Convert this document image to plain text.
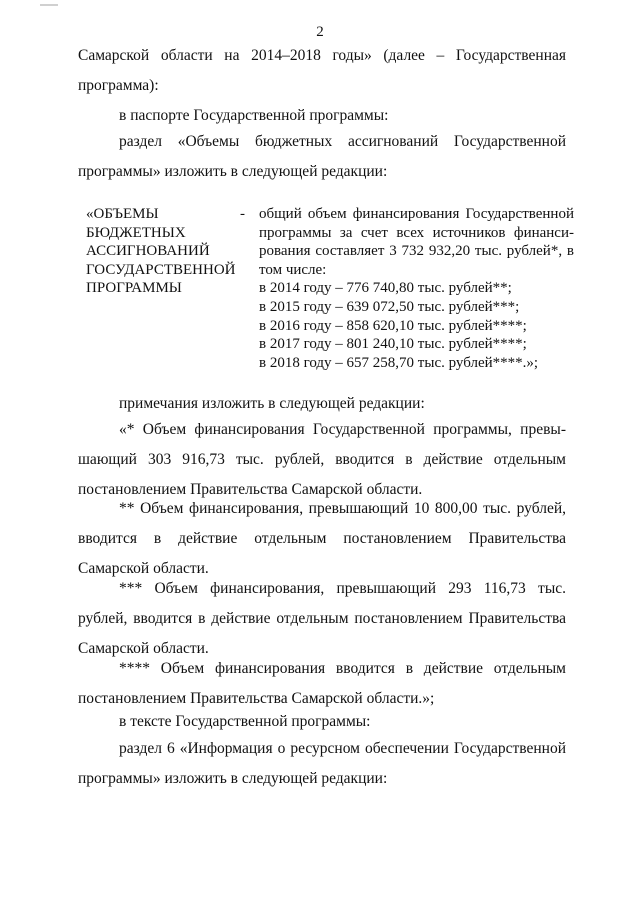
2

Самарской области на 2014–2018 годы» (далее – Государственная программа):

в паспорте Государственной программы:

раздел «Объемы бюджетных ассигнований Государственной программы» изложить в следующей редакции:

«ОБЪЕМЫ
БЮДЖЕТНЫХ
АССИГНОВАНИЙ
ГОСУДАРСТВЕННОЙ
ПРОГРАММЫ
- общий объем финансирования Государственной программы за счет всех источников финансирования составляет 3 732 932,20 тыс. рублей*, в том числе:
в 2014 году – 776 740,80 тыс. рублей**;
в 2015 году – 639 072,50 тыс. рублей***;
в 2016 году – 858 620,10 тыс. рублей****;
в 2017 году – 801 240,10 тыс. рублей****;
в 2018 году – 657 258,70 тыс. рублей****.»;

примечания изложить в следующей редакции:

«* Объем финансирования Государственной программы, превышающий 303 916,73 тыс. рублей, вводится в действие отдельным постановлением Правительства Самарской области.

** Объем финансирования, превышающий 10 800,00 тыс. рублей, вводится в действие отдельным постановлением Правительства Самарской области.

*** Объем финансирования, превышающий 293 116,73 тыс. рублей, вводится в действие отдельным постановлением Правительства Самарской области.

**** Объем финансирования вводится в действие отдельным постановлением Правительства Самарской области.»;

в тексте Государственной программы:

раздел 6 «Информация о ресурсном обеспечении Государственной программы» изложить в следующей редакции:
